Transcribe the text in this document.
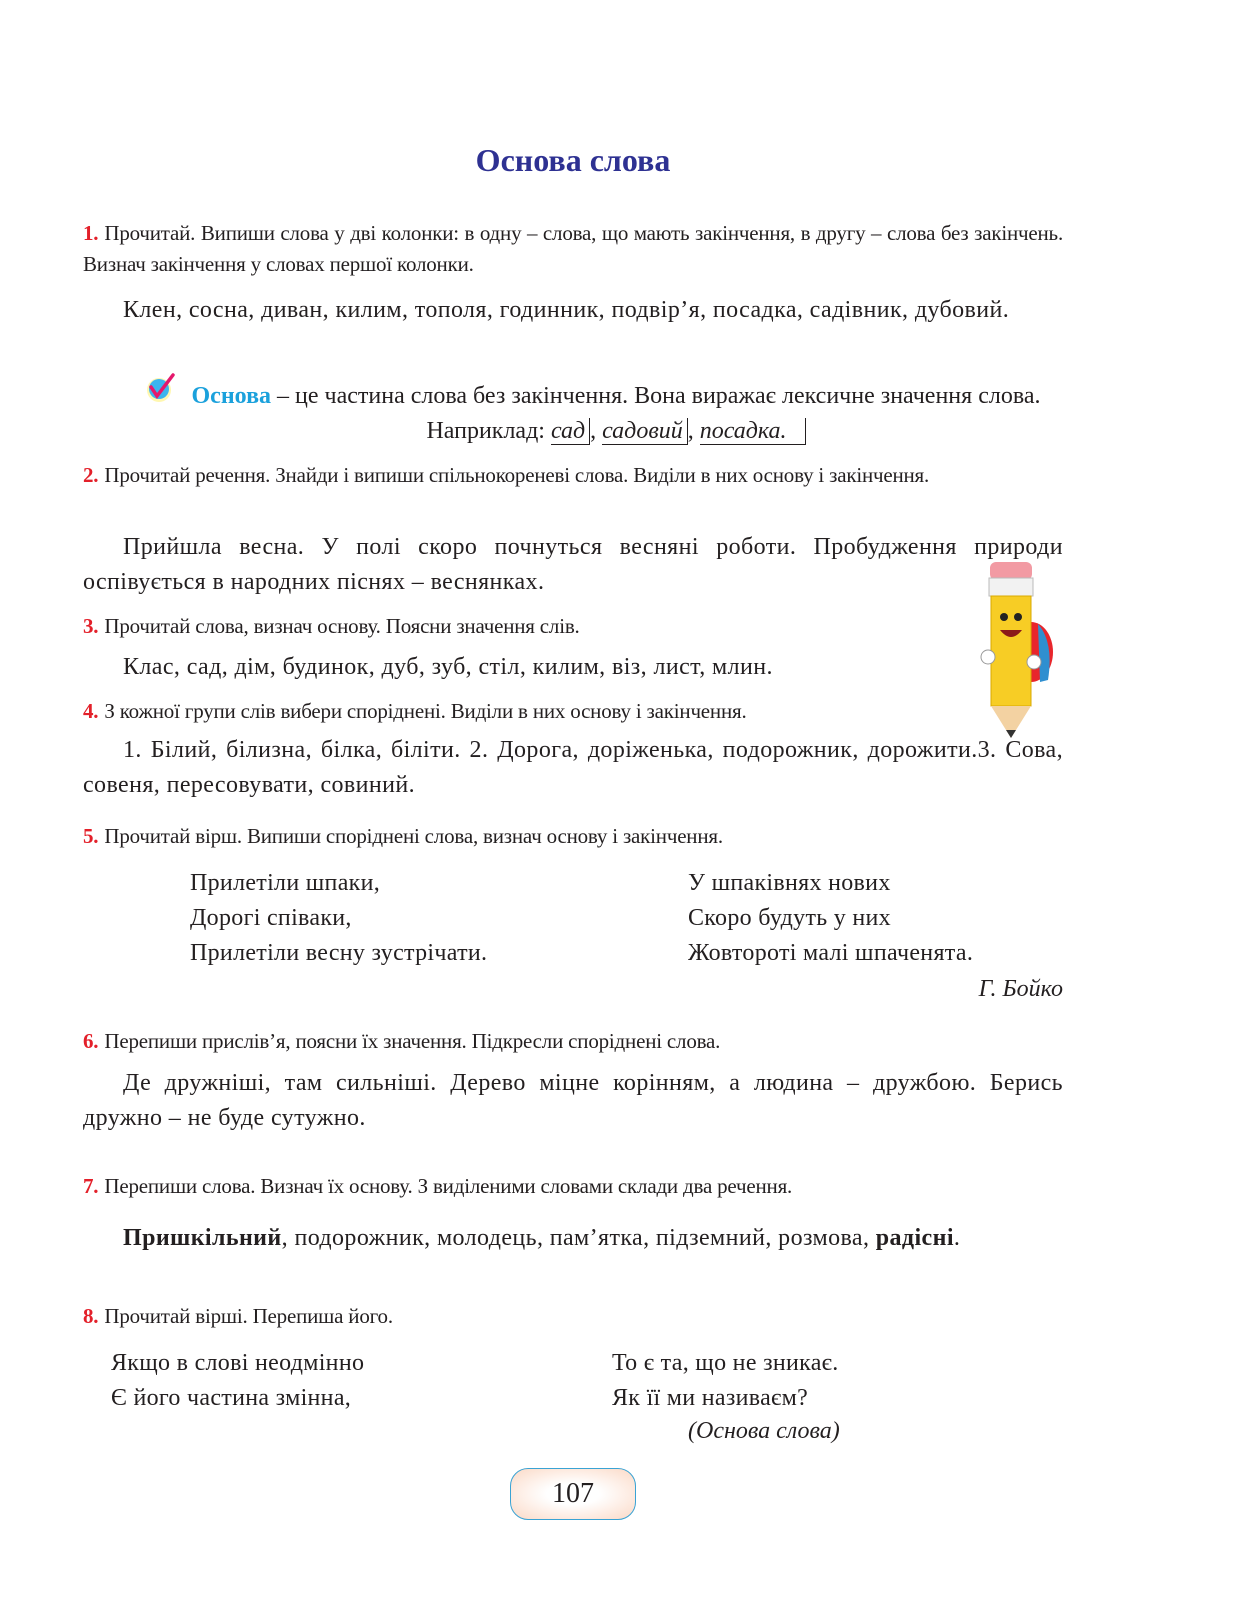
Основа слова
1. Прочитай. Випиши слова у дві колонки: в одну – слова, що мають закінчення, в другу – слова без закінчень. Визнач закінчення у словах першої колонки.
Клен, сосна, диван, килим, тополя, годинник, подвір’я, посадка, садівник, дубовий.
Основа – це частина слова без закінчення. Вона виражає лексичне значення слова. Наприклад: сад , садовий , посадка.
2. Прочитай речення. Знайди і випиши спільнокореневі слова. Виділи в них основу і закінчення.
Прийшла весна. У полі скоро почнуться весняні роботи. Пробудження природи оспівується в народних піснях – веснянках.
3. Прочитай слова, визнач основу. Поясни значення слів.
Клас, сад, дім, будинок, дуб, зуб, стіл, килим, віз, лист, млин.
4. З кожної групи слів вибери споріднені. Виділи в них основу і закінчення.
1. Білий, білизна, білка, біліти. 2. Дорога, доріженька, подорожник, дорожити.3. Сова, совеня, пересовувати, совиний.
5. Прочитай вірш. Випиши споріднені слова, визнач основу і закінчення.
Прилетіли шпаки,
Дорогі співаки,
Прилетіли весну зустрічати.
У шпаківнях нових
Скоро будуть у них
Жовтороті малі шпаченята.
Г. Бойко
6. Перепиши прислів’я, поясни їх значення. Підкресли споріднені слова.
Де дружніші, там сильніші. Дерево міцне корінням, а людина – дружбою. Берись дружно – не буде сутужно.
7. Перепиши слова. Визнач їх основу. З виділеними словами склади два речення.
Пришкільний, подорожник, молодець, пам’ятка, підземний, розмова, радісні.
8. Прочитай вірші. Перепиша його.
Якщо в слові неодмінно
Є його частина змінна,
То є та, що не зникає.
Як її ми називаєм?
(Основа слова)
107
